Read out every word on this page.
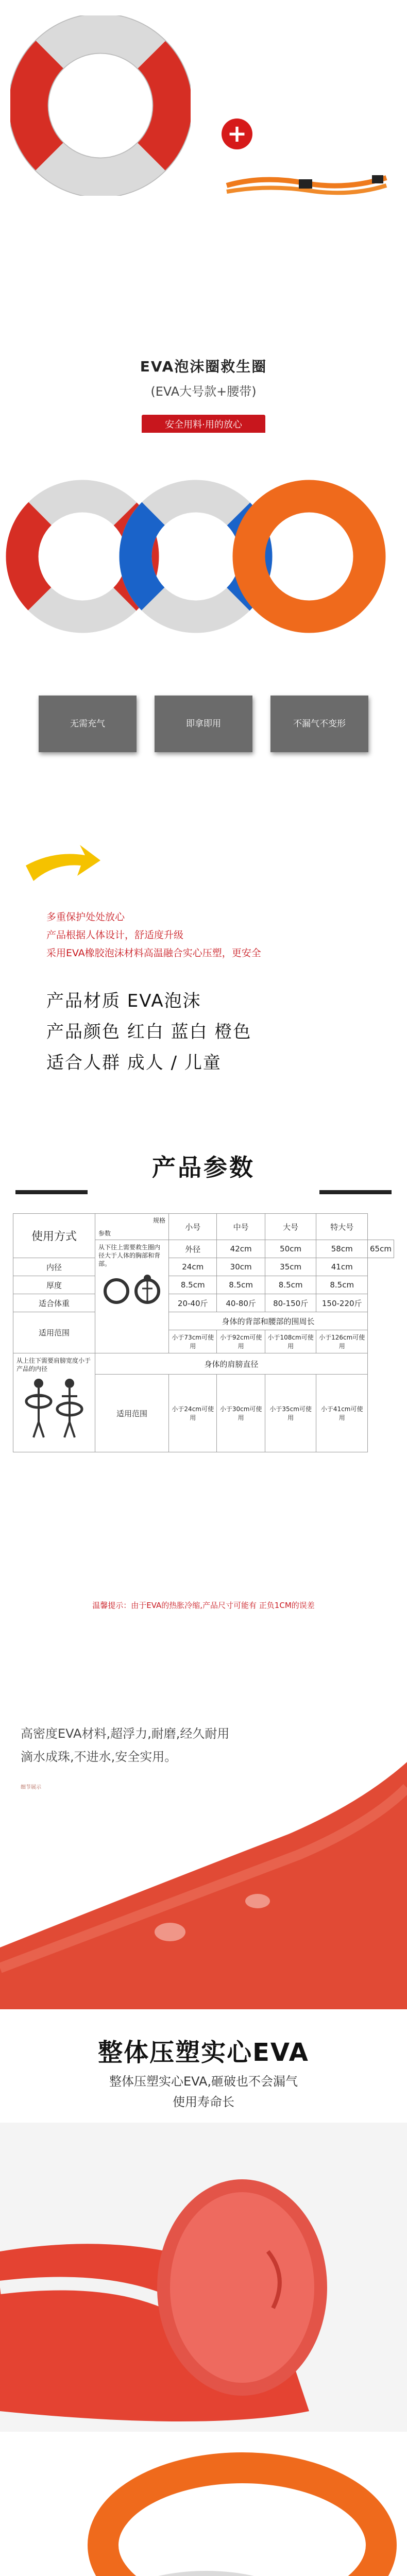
+
EVA泡沫圈救生圈
(EVA大号款+腰带)
安全用料·用的放心
无需充气	即拿即用	不漏气不变形
多重保护处处放心
产品根据人体设计，舒适度升级
采用EVA橡胶泡沫材料高温融合实心压塑，更安全
产品材质 EVA泡沫
产品颜色 红白 蓝白 橙色
适合人群 成人 / 儿童
产品参数
使用方式	规格
参数	小号	中号	大号	特大号	

	从下往上需要救生圈内径大于人体的胸部和背部。	外径	42cm	50cm	58cm	65cm
内径		24cm	30cm	35cm	41cm	
厚度		8.5cm	8.5cm	8.5cm	8.5cm	
适合体重		20-40斤	40-80斤	80-150斤	150-220斤	
适用范围		身体的背部和腰部的围周长				
		小于73cm可使用	小于92cm可使用	小于108cm可使用	小于126cm可使用	

从上往下需要肩膀宽度小于产品的内径	身体的肩膀直径					
	适用范围	小于24cm可使用	小于30cm可使用	小于35cm可使用	小于41cm可使用	
温馨提示：由于EVA的热胀冷缩,产品尺寸可能有 正负1CM的误差
高密度EVA材料,超浮力,耐磨,经久耐用
滴水成珠,不进水,安全实用。
细节展示
整体压塑实心EVA
整体压塑实心EVA,砸破也不会漏气
使用寿命长
